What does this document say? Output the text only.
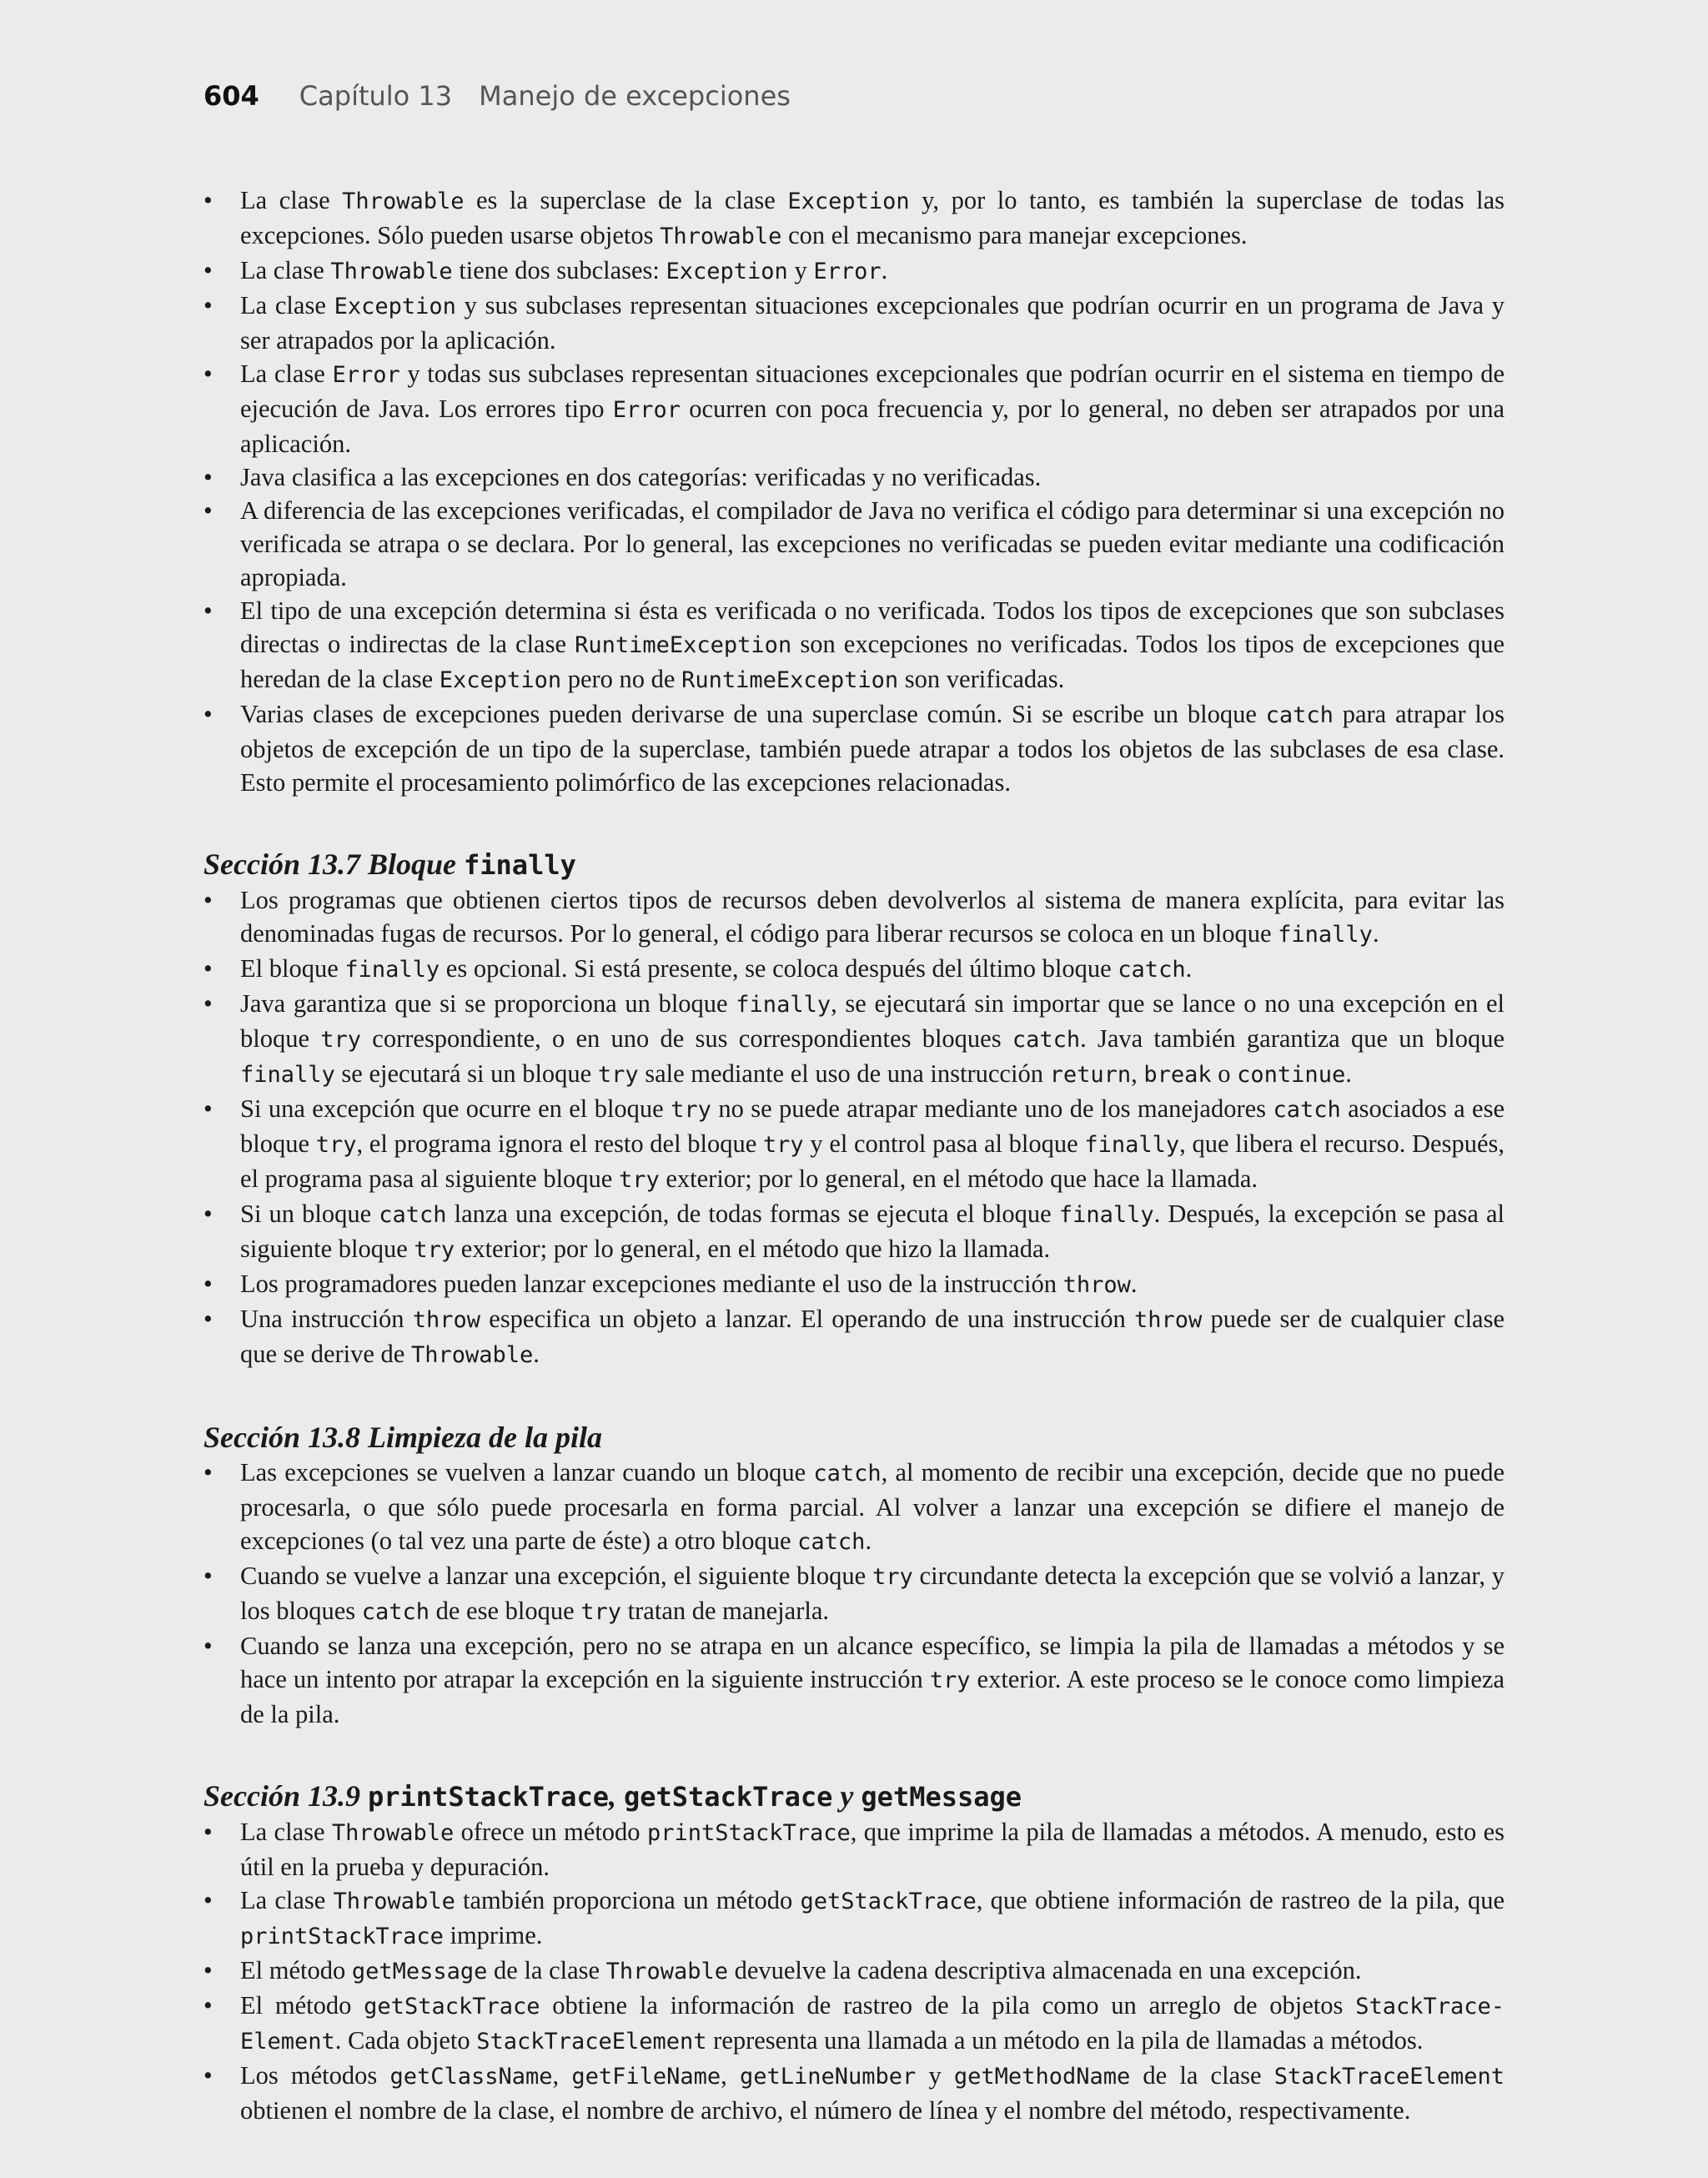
604 Capítulo 13 Manejo de excepciones
• La clase Throwable es la superclase de la clase Exception y, por lo tanto, es también la superclase de todas las excepciones. Sólo pueden usarse objetos Throwable con el mecanismo para manejar excepciones.
• La clase Throwable tiene dos subclases: Exception y Error.
• La clase Exception y sus subclases representan situaciones excepcionales que podrían ocurrir en un programa de Java y ser atrapados por la aplicación.
• La clase Error y todas sus subclases representan situaciones excepcionales que podrían ocurrir en el sistema en tiempo de ejecución de Java. Los errores tipo Error ocurren con poca frecuencia y, por lo general, no deben ser atrapados por una aplicación.
• Java clasifica a las excepciones en dos categorías: verificadas y no verificadas.
• A diferencia de las excepciones verificadas, el compilador de Java no verifica el código para determinar si una excepción no verificada se atrapa o se declara. Por lo general, las excepciones no verificadas se pueden evitar mediante una codificación apropiada.
• El tipo de una excepción determina si ésta es verificada o no verificada. Todos los tipos de excepciones que son subclases directas o indirectas de la clase RuntimeException son excepciones no verificadas. Todos los tipos de excepciones que heredan de la clase Exception pero no de RuntimeException son verificadas.
• Varias clases de excepciones pueden derivarse de una superclase común. Si se escribe un bloque catch para atrapar los objetos de excepción de un tipo de la superclase, también puede atrapar a todos los objetos de las subclases de esa clase. Esto permite el procesamiento polimórfico de las excepciones relacionadas.
Sección 13.7 Bloque finally
• Los programas que obtienen ciertos tipos de recursos deben devolverlos al sistema de manera explícita, para evitar las denominadas fugas de recursos. Por lo general, el código para liberar recursos se coloca en un bloque finally.
• El bloque finally es opcional. Si está presente, se coloca después del último bloque catch.
• Java garantiza que si se proporciona un bloque finally, se ejecutará sin importar que se lance o no una excepción en el bloque try correspondiente, o en uno de sus correspondientes bloques catch. Java también garantiza que un bloque finally se ejecutará si un bloque try sale mediante el uso de una instrucción return, break o continue.
• Si una excepción que ocurre en el bloque try no se puede atrapar mediante uno de los manejadores catch asociados a ese bloque try, el programa ignora el resto del bloque try y el control pasa al bloque finally, que libera el recurso. Después, el programa pasa al siguiente bloque try exterior; por lo general, en el método que hace la llamada.
• Si un bloque catch lanza una excepción, de todas formas se ejecuta el bloque finally. Después, la excepción se pasa al siguiente bloque try exterior; por lo general, en el método que hizo la llamada.
• Los programadores pueden lanzar excepciones mediante el uso de la instrucción throw.
• Una instrucción throw especifica un objeto a lanzar. El operando de una instrucción throw puede ser de cualquier clase que se derive de Throwable.
Sección 13.8 Limpieza de la pila
• Las excepciones se vuelven a lanzar cuando un bloque catch, al momento de recibir una excepción, decide que no puede procesarla, o que sólo puede procesarla en forma parcial. Al volver a lanzar una excepción se difiere el manejo de excepciones (o tal vez una parte de éste) a otro bloque catch.
• Cuando se vuelve a lanzar una excepción, el siguiente bloque try circundante detecta la excepción que se volvió a lanzar, y los bloques catch de ese bloque try tratan de manejarla.
• Cuando se lanza una excepción, pero no se atrapa en un alcance específico, se limpia la pila de llamadas a métodos y se hace un intento por atrapar la excepción en la siguiente instrucción try exterior. A este proceso se le conoce como limpieza de la pila.
Sección 13.9 printStackTrace, getStackTrace y getMessage
• La clase Throwable ofrece un método printStackTrace, que imprime la pila de llamadas a métodos. A menudo, esto es útil en la prueba y depuración.
• La clase Throwable también proporciona un método getStackTrace, que obtiene información de rastreo de la pila, que printStackTrace imprime.
• El método getMessage de la clase Throwable devuelve la cadena descriptiva almacenada en una excepción.
• El método getStackTrace obtiene la información de rastreo de la pila como un arreglo de objetos StackTrace-Element. Cada objeto StackTraceElement representa una llamada a un método en la pila de llamadas a métodos.
• Los métodos getClassName, getFileName, getLineNumber y getMethodName de la clase StackTraceElement obtienen el nombre de la clase, el nombre de archivo, el número de línea y el nombre del método, respectivamente.
